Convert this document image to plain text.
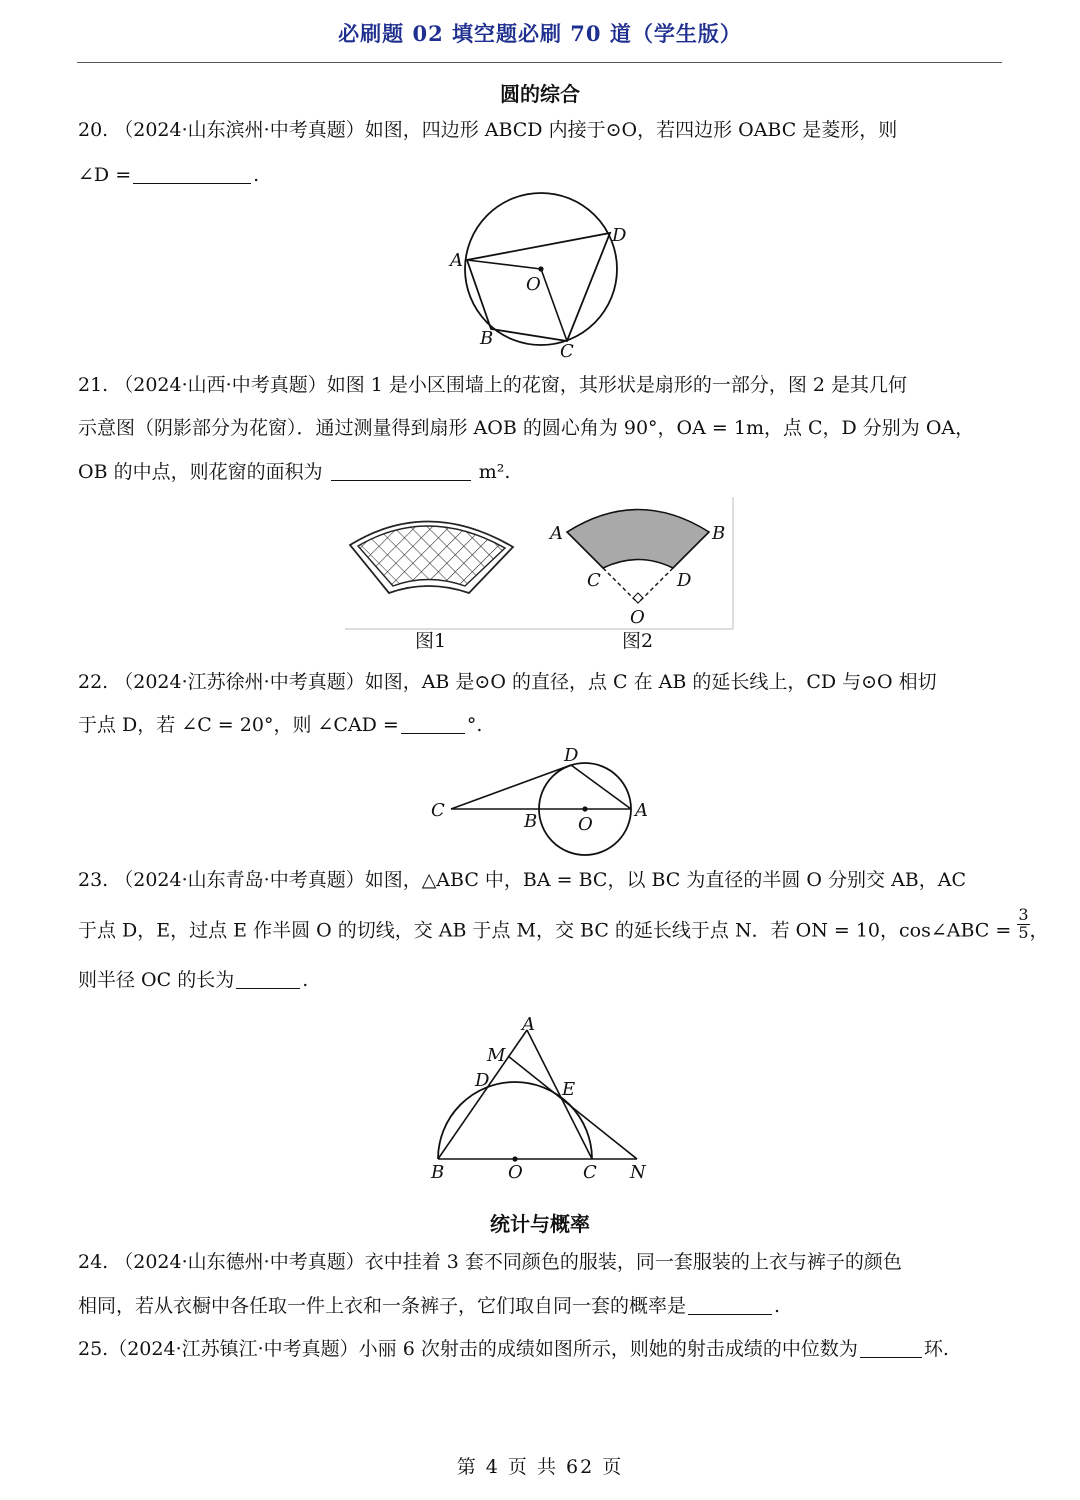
必刷题 02 填空题必刷 70 道（学生版）
圆的综合
20. （2024·山东滨州·中考真题）如图，四边形 ABCD 内接于⊙O，若四边形 OABC 是菱形，则
∠D =	.
A
B
C
D
O
21. （2024·山西·中考真题）如图 1 是小区围墙上的花窗，其形状是扇形的一部分，图 2 是其几何
示意图（阴影部分为花窗）．通过测量得到扇形 AOB 的圆心角为 90°，OA = 1m，点 C，D 分别为 OA，
OB 的中点，则花窗的面积为	m².
A	B
C	D
O
图1	图2
22. （2024·江苏徐州·中考真题）如图，AB 是⊙O 的直径，点 C 在 AB 的延长线上，CD 与⊙O 相切
于点 D，若 ∠C = 20°，则 ∠CAD =	°.
C
B O
A
D
23. （2024·山东青岛·中考真题）如图，△ABC 中，BA = BC，以 BC 为直径的半圆 O 分别交 AB，AC
于点 D，E，过点 E 作半圆 O 的切线，交 AB 于点 M，交 BC 的延长线于点 N．若 ON = 10，cos∠ABC = $\frac{3}{5}$ ，
则半径 OC 的长为	.
A
M
D	E
B	O	C N
统计与概率
24. （2024·山东德州·中考真题）衣中挂着 3 套不同颜色的服装，同一套服装的上衣与裤子的颜色
相同，若从衣橱中各任取一件上衣和一条裤子，它们取自同一套的概率是	.
25.（2024·江苏镇江·中考真题）小丽 6 次射击的成绩如图所示，则她的射击成绩的中位数为	环.
第 4 页 共 62 页
